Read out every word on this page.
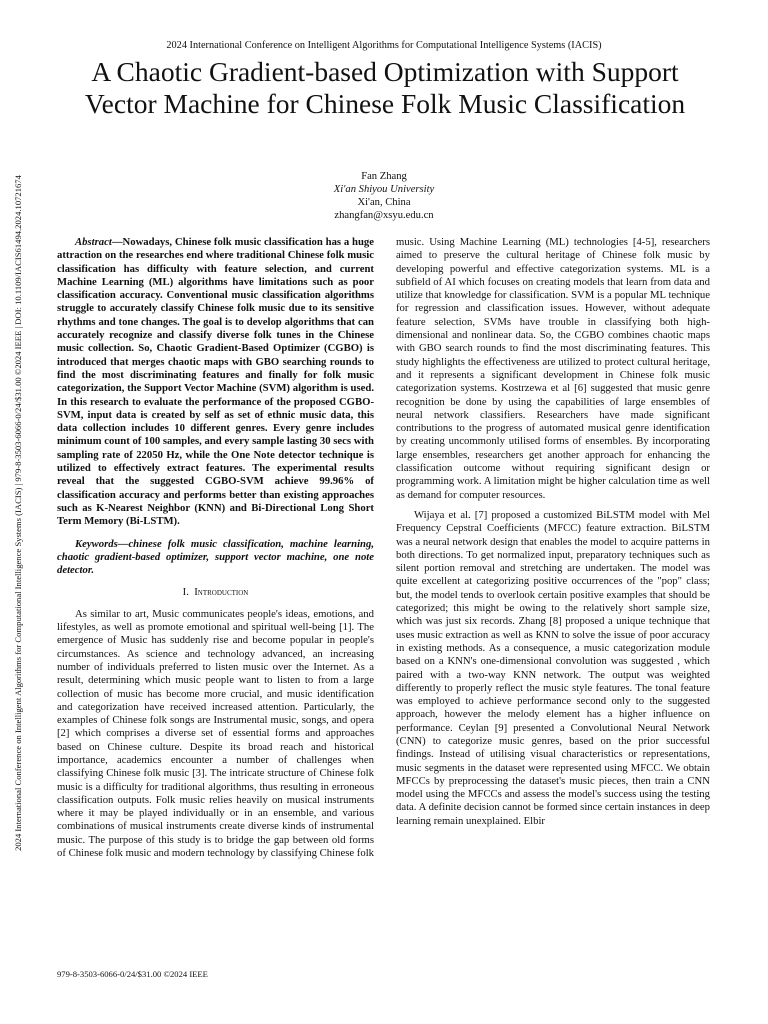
2024 International Conference on Intelligent Algorithms for Computational Intelligence Systems (IACIS) | 979-8-3503-6066-0/24/$31.00 ©2024 IEEE | DOI: 10.1109/IACIS61494.2024.10721674
2024 International Conference on Intelligent Algorithms for Computational Intelligence Systems (IACIS)
A Chaotic Gradient-based Optimization with Support Vector Machine for Chinese Folk Music Classification
Fan Zhang
Xi'an Shiyou University
Xi'an, China
zhangfan@xsyu.edu.cn

Abstract—Nowadays, Chinese folk music classification has a huge attraction on the researches end where traditional Chinese folk music classification has difficulty with feature selection, and current Machine Learning (ML) algorithms have limitations such as poor classification accuracy. Conventional music classification algorithms struggle to accurately classify Chinese folk music due to its sensitive rhythms and tone changes. The goal is to develop algorithms that can accurately recognize and classify diverse folk tunes in the Chinese music collection. So, Chaotic Gradient-Based Optimizer (CGBO) is introduced that merges chaotic maps with GBO searching rounds to find the most discriminating features and finally for folk music categorization, the Support Vector Machine (SVM) algorithm is used. In this research to evaluate the performance of the proposed CGBO-SVM, input data is created by self as set of ethnic music data, this data collection includes 10 different genres. Every genre includes minimum count of 100 samples, and every sample lasting 30 secs with sampling rate of 22050 Hz, while the One Note detector technique is utilized to effectively extract features. The experimental results reveal that the suggested CGBO-SVM achieve 99.96% of classification accuracy and performs better than existing approaches such as K-Nearest Neighbor (KNN) and Bi-Directional Long Short Term Memory (Bi-LSTM).

Keywords—chinese folk music classification, machine learning, chaotic gradient-based optimizer, support vector machine, one note detector.

I. Introduction

As similar to art, Music communicates people's ideas, emotions, and lifestyles, as well as promote emotional and spiritual well-being [1]. The emergence of Music has suddenly rise and become popular in people's circumstances. As science and technology advanced, an increasing number of individuals preferred to listen music over the Internet. As a result, determining which music people want to listen to from a large collection of music has become more crucial, and music identification and categorization have received increased attention. Particularly, the examples of Chinese folk songs are Instrumental music, songs, and opera [2] which comprises a diverse set of essential forms and approaches based on Chinese culture. Despite its broad reach and historical importance, academics encounter a number of challenges when classifying Chinese folk music [3]. The intricate structure of Chinese folk music is a difficulty for traditional algorithms, thus resulting in erroneous classification outputs. Folk music relies heavily on musical instruments where it may be played individually or in an ensemble, and various combinations of musical instruments create diverse kinds of instrumental music. The purpose of this study is to bridge the gap between old forms of Chinese folk music and modern technology by classifying Chinese folk

music. Using Machine Learning (ML) technologies [4-5], researchers aimed to preserve the cultural heritage of Chinese folk music by developing powerful and effective categorization systems. ML is a subfield of AI which focuses on creating models that learn from data and utilize that knowledge for classification. SVM is a popular ML technique for regression and classification issues. However, without adequate feature selection, SVMs have trouble in classifying both high-dimensional and nonlinear data. So, the CGBO combines chaotic maps with GBO search rounds to find the most discriminating features. This study highlights the effectiveness are utilized to protect cultural heritage, and it represents a significant development in Chinese folk music categorization systems. Kostrzewa et al [6] suggested that music genre recognition be done by using the capabilities of large ensembles of neural network classifiers. Researchers have made significant contributions to the progress of automated musical genre identification by creating uncommonly utilised forms of ensembles. By incorporating large ensembles, researchers get another approach for enhancing the classification outcome without requiring significant design or programming work. A limitation might be higher calculation time as well as demand for computer resources.

Wijaya et al. [7] proposed a customized BiLSTM model with Mel Frequency Cepstral Coefficients (MFCC) feature extraction. BiLSTM was a neural network design that enables the model to acquire patterns in both directions. To get normalized input, preparatory techniques such as silent portion removal and stretching are undertaken. The model was quite excellent at categorizing positive occurrences of the "pop" class; but, the model tends to overlook certain positive examples that should be categorized; this might be owing to the relatively short sample size, which was just six records. Zhang [8] proposed a unique technique that uses music extraction as well as KNN to solve the issue of poor accuracy in existing methods. As a consequence, a music categorization module based on a KNN's one-dimensional convolution was suggested , which paired with a two-way KNN network. The output was weighted differently to properly reflect the music style features. The tonal feature was employed to achieve performance second only to the suggested approach, however the melody element has a higher influence on performance. Ceylan [9] presented a Convolutional Neural Network (CNN) to categorize music genres, based on the prior successful findings. Instead of utilising visual characteristics or representations, music segments in the dataset were represented using MFCC. We obtain MFCCs by preprocessing the dataset's music pieces, then train a CNN model using the MFCCs and assess the model's success using the testing data. A definite decision cannot be formed since certain instances in deep learning remain unexplained. Elbir

979-8-3503-6066-0/24/$31.00 ©2024 IEEE
